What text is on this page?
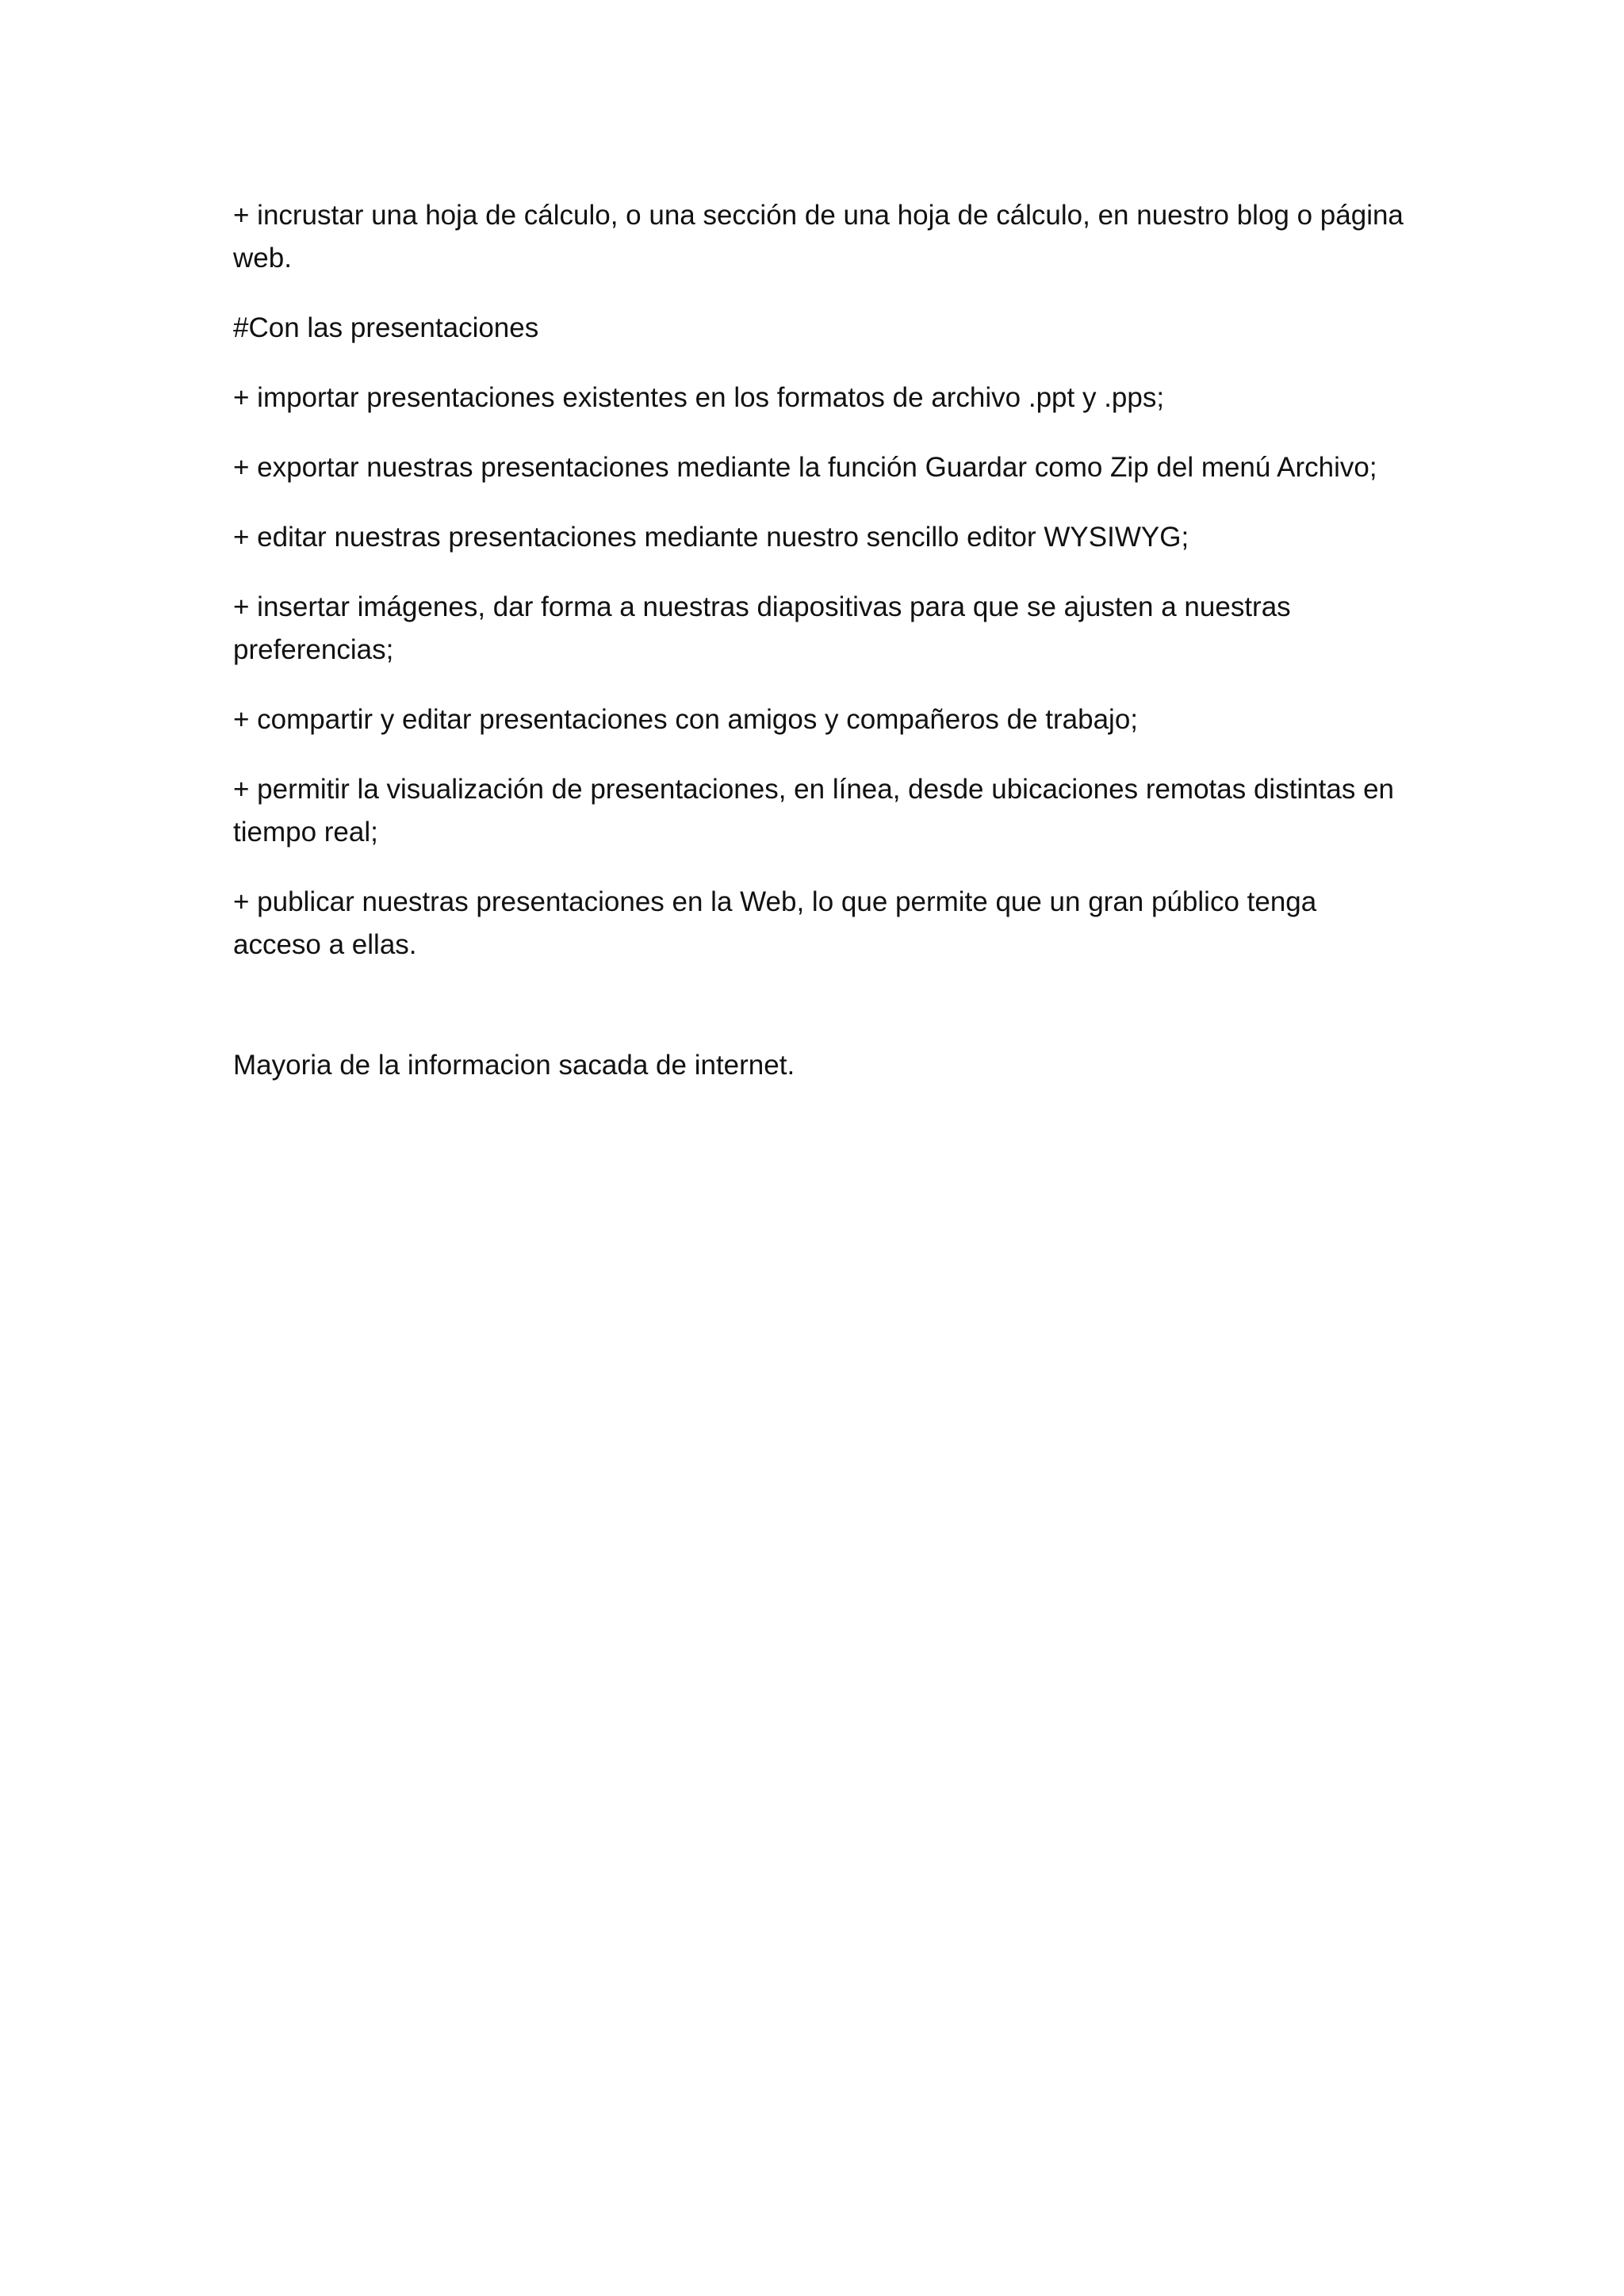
+ incrustar una hoja de cálculo, o una sección de una hoja de cálculo, en nuestro blog o página web.

#Con las presentaciones

+ importar presentaciones existentes en los formatos de archivo .ppt y .pps;

+ exportar nuestras presentaciones mediante la función Guardar como Zip del menú Archivo;

+ editar nuestras presentaciones mediante nuestro sencillo editor WYSIWYG;

+ insertar imágenes, dar forma a nuestras diapositivas para que se ajusten a nuestras preferencias;

+ compartir y editar presentaciones con amigos y compañeros de trabajo;

+ permitir la visualización de presentaciones, en línea, desde ubicaciones remotas distintas en tiempo real;

+ publicar nuestras presentaciones en la Web, lo que permite que un gran público tenga acceso a ellas.

Mayoria de la informacion sacada de internet.
